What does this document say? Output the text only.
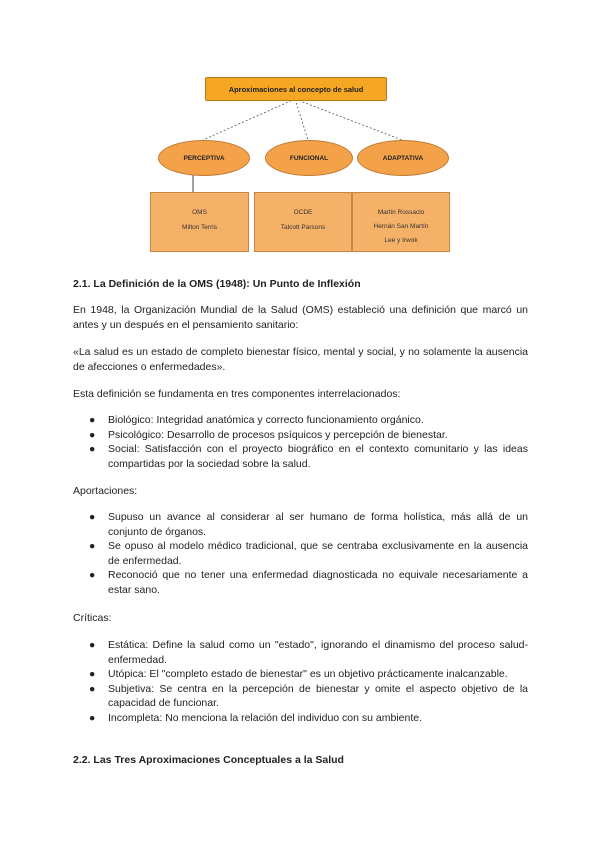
Aproximaciones al concepto de salud
PERCEPTIVA	FUNCIONAL	ADAPTATIVA
OMS
Milton Terris
OCDE
Talcott Parsons
Martin Rossaclo
Hernán San Martín
Lee y Irwok
2.1. La Definición de la OMS (1948): Un Punto de Inflexión
En 1948, la Organización Mundial de la Salud (OMS) estableció una definición que marcó un antes y un después en el pensamiento sanitario:
«La salud es un estado de completo bienestar físico, mental y social, y no solamente la ausencia de afecciones o enfermedades».
Esta definición se fundamenta en tres componentes interrelacionados:
● Biológico: Integridad anatómica y correcto funcionamiento orgánico.
● Psicológico: Desarrollo de procesos psíquicos y percepción de bienestar.
● Social: Satisfacción con el proyecto biográfico en el contexto comunitario y las ideas compartidas por la sociedad sobre la salud.
Aportaciones:
● Supuso un avance al considerar al ser humano de forma holística, más allá de un conjunto de órganos.
● Se opuso al modelo médico tradicional, que se centraba exclusivamente en la ausencia de enfermedad.
● Reconoció que no tener una enfermedad diagnosticada no equivale necesariamente a estar sano.
Críticas:
● Estática: Define la salud como un "estado", ignorando el dinamismo del proceso salud-enfermedad.
● Utópica: El "completo estado de bienestar" es un objetivo prácticamente inalcanzable.
● Subjetiva: Se centra en la percepción de bienestar y omite el aspecto objetivo de la capacidad de funcionar.
● Incompleta: No menciona la relación del individuo con su ambiente.
2.2. Las Tres Aproximaciones Conceptuales a la Salud
